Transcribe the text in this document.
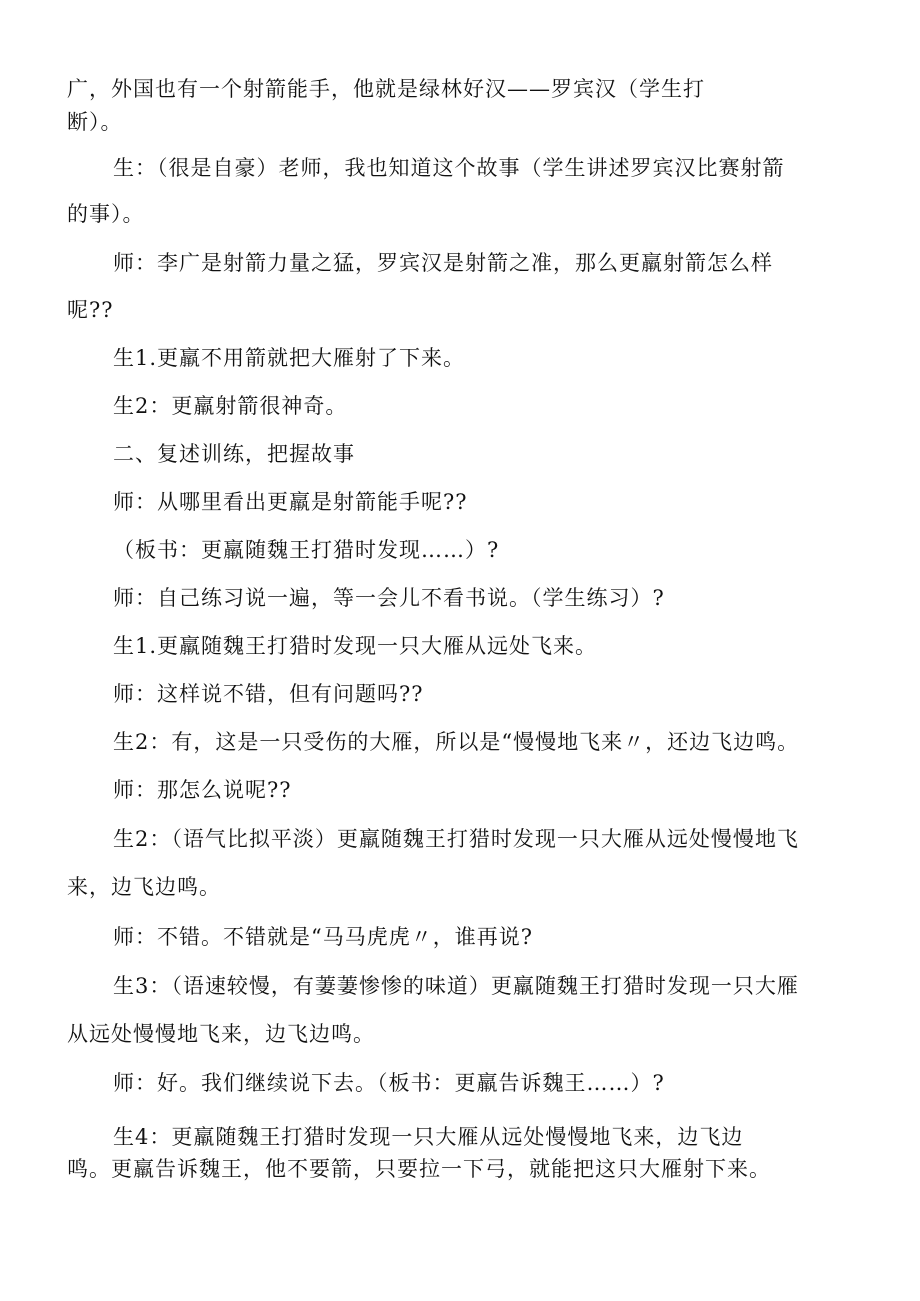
广，外国也有一个射箭能手，他就是绿林好汉——罗宾汉（学生打
断）。
生：（很是自豪）老师，我也知道这个故事（学生讲述罗宾汉比赛射箭
的事）。
师：李广是射箭力量之猛，罗宾汉是射箭之准，那么更羸射箭怎么样
呢??
生1.更羸不用箭就把大雁射了下来。
生2：更羸射箭很神奇。
二、复述训练，把握故事
师：从哪里看出更羸是射箭能手呢??
（板书：更羸随魏王打猎时发现……）?
师：自己练习说一遍，等一会儿不看书说。（学生练习）?
生1.更羸随魏王打猎时发现一只大雁从远处飞来。
师：这样说不错，但有问题吗??
生2：有，这是一只受伤的大雁，所以是“慢慢地飞来〃，还边飞边鸣。
师：那怎么说呢??
生2：（语气比拟平淡）更羸随魏王打猎时发现一只大雁从远处慢慢地飞
来，边飞边鸣。
师：不错。不错就是“马马虎虎〃，谁再说?
生3：（语速较慢，有萋萋惨惨的味道）更羸随魏王打猎时发现一只大雁
从远处慢慢地飞来，边飞边鸣。
师：好。我们继续说下去。（板书：更羸告诉魏王……）?
生4：更羸随魏王打猎时发现一只大雁从远处慢慢地飞来，边飞边
鸣。更羸告诉魏王，他不要箭，只要拉一下弓，就能把这只大雁射下来。
